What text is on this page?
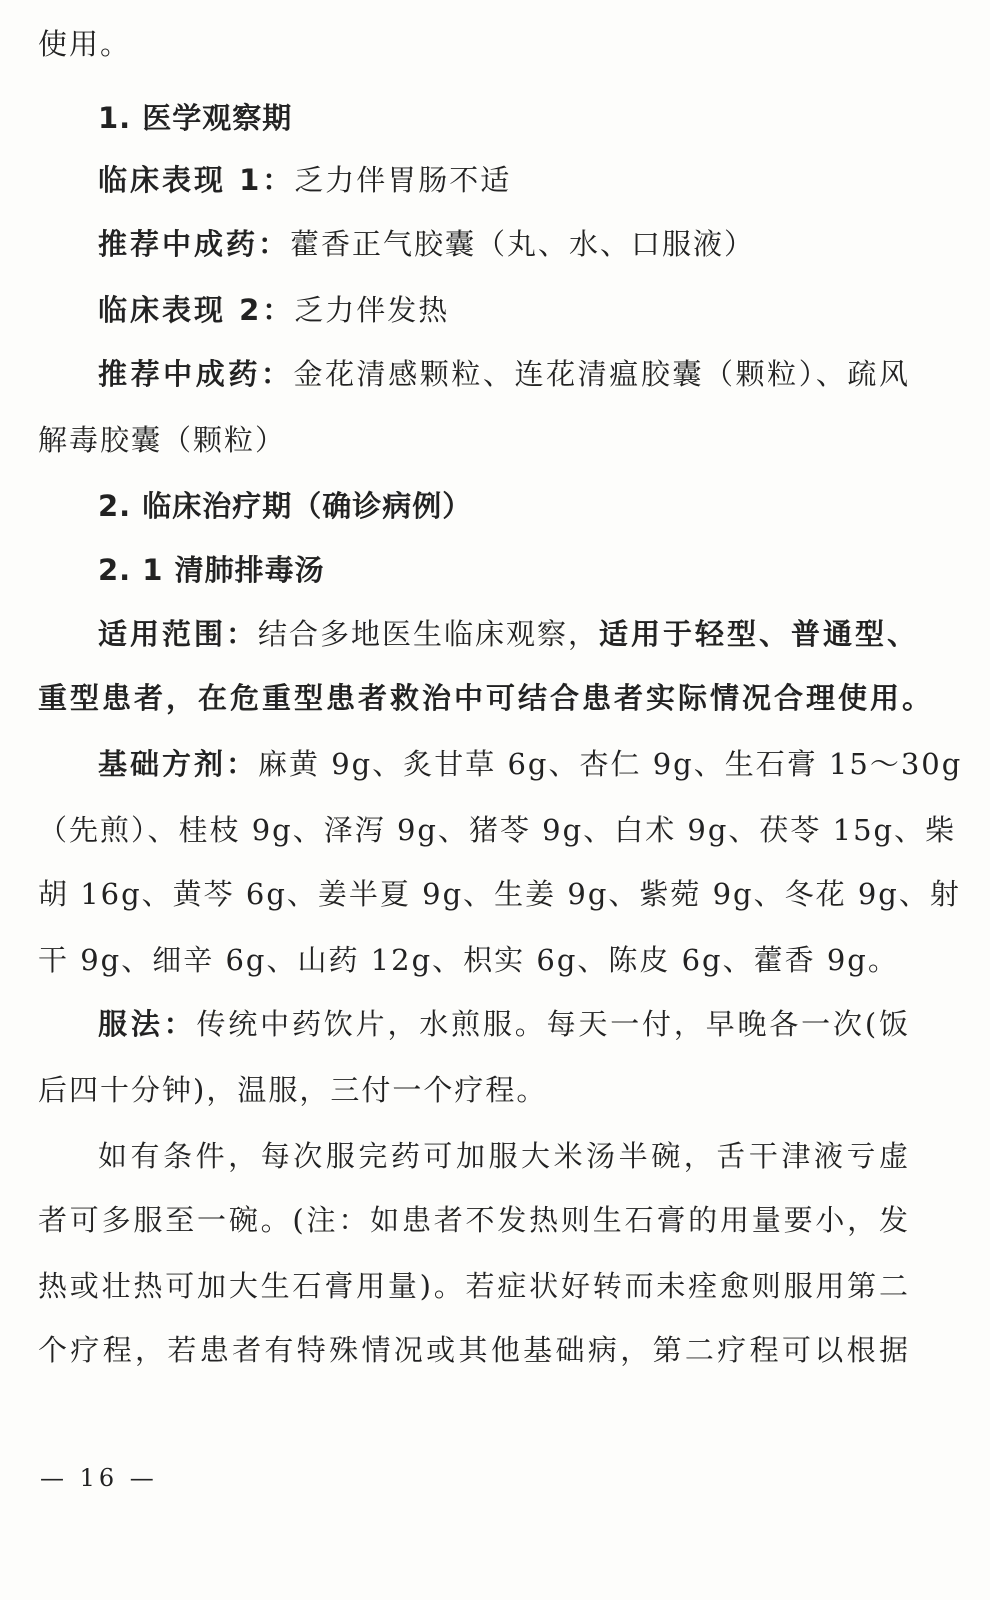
使用。
1. 医学观察期
临床表现 1：乏力伴胃肠不适
推荐中成药：藿香正气胶囊（丸、水、口服液）
临床表现 2：乏力伴发热
推荐中成药：金花清感颗粒、连花清瘟胶囊（颗粒）、疏风
解毒胶囊（颗粒）
2. 临床治疗期（确诊病例）
2. 1 清肺排毒汤
适用范围：结合多地医生临床观察，适用于轻型、普通型、
重型患者，在危重型患者救治中可结合患者实际情况合理使用。
基础方剂：麻黄 9g、炙甘草 6g、杏仁 9g、生石膏 15～30g
（先煎）、桂枝 9g、泽泻 9g、猪苓 9g、白术 9g、茯苓 15g、柴
胡 16g、黄芩 6g、姜半夏 9g、生姜 9g、紫菀 9g、冬花 9g、射
干 9g、细辛 6g、山药 12g、枳实 6g、陈皮 6g、藿香 9g。
服法：传统中药饮片，水煎服。每天一付，早晚各一次(饭
后四十分钟)，温服，三付一个疗程。
如有条件，每次服完药可加服大米汤半碗，舌干津液亏虚
者可多服至一碗。(注：如患者不发热则生石膏的用量要小，发
热或壮热可加大生石膏用量)。若症状好转而未痊愈则服用第二
个疗程，若患者有特殊情况或其他基础病，第二疗程可以根据
— 16 —
